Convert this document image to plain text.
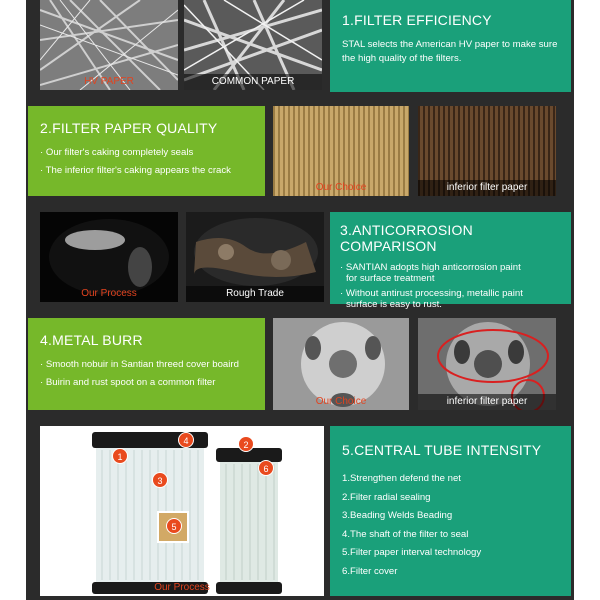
HV PAPER	COMMON PAPER
1.FILTER EFFICIENCY

STAL selects the American HV paper to make sure the high quality of the filters.

2.FILTER PAPER QUALITY

· Our filter's caking completely seals

· The inferior filter's caking appears the crack

Our Choice	inferior filter paper
Our Process	Rough Trade
3.ANTICORROSION COMPARISON

· SANTIAN adopts high anticorrosion paint

for surface treatment

· Without antirust processing, metallic paint

surface is easy to rust.

4.METAL BURR

· Smooth nobuir in Santian threed cover boaird

· Buirin and rust spoot on a common filter

Our Choice	inferior filter paper
1
2
3
4
5
6
Our Process
5.CENTRAL TUBE INTENSITY

1.Strengthen defend the net

2.Filter radial sealing

3.Beading Welds Beading

4.The shaft of the filter to seal

5.Filter paper interval technology

6.Filter cover
